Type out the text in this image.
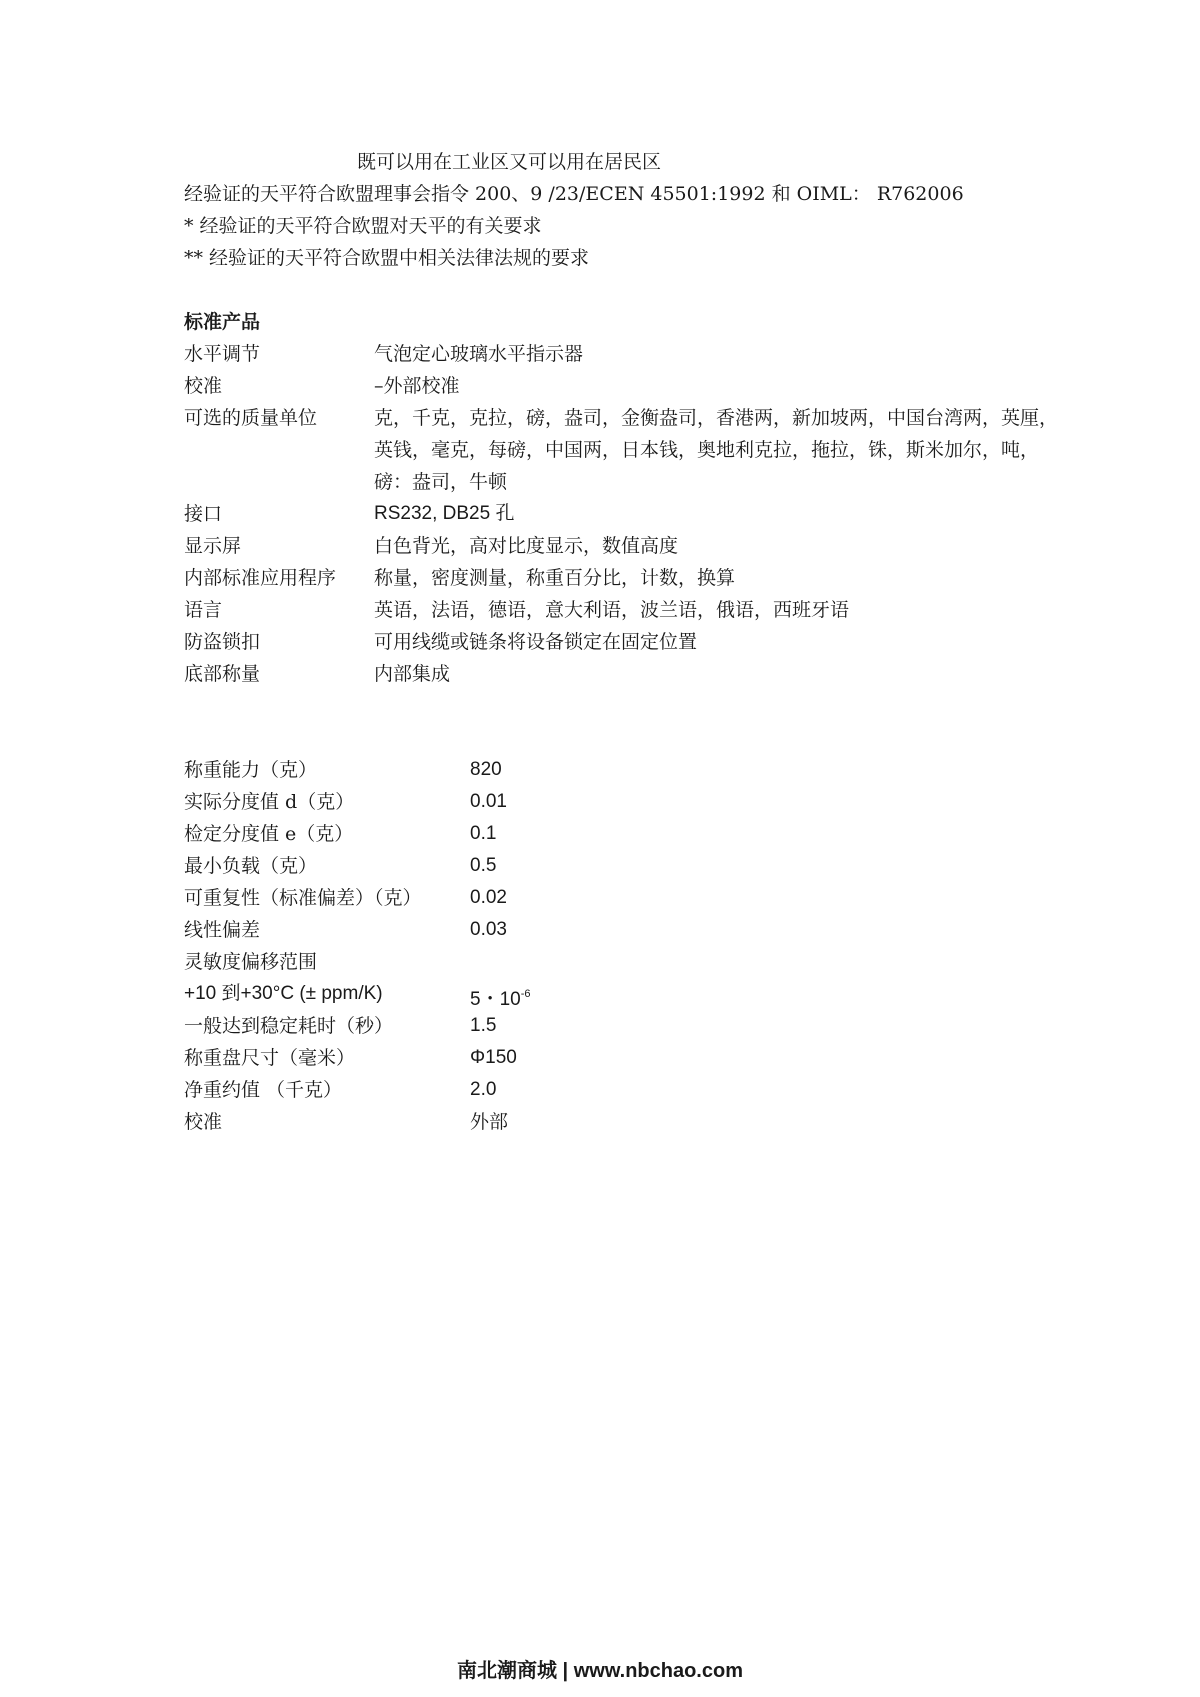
既可以用在工业区又可以用在居民区
经验证的天平符合欧盟理事会指令 200、9 /23/ECEN 45501:1992 和 OIML： R762006
* 经验证的天平符合欧盟对天平的有关要求
** 经验证的天平符合欧盟中相关法律法规的要求
标准产品
水平调节	气泡定心玻璃水平指示器
校准	–外部校准
可选的质量单位	克，千克，克拉，磅，盎司，金衡盎司，香港两，新加坡两，中国台湾两，英厘，英钱，毫克，每磅，中国两，日本钱，奥地利克拉，拖拉，铢，斯米加尔，吨，磅：盎司，牛顿
接口	RS232, DB25 孔
显示屏	白色背光，高对比度显示，数值高度
内部标准应用程序	称量，密度测量，称重百分比，计数，换算
语言	英语，法语，德语，意大利语，波兰语，俄语，西班牙语
防盗锁扣	可用线缆或链条将设备锁定在固定位置
底部称量	内部集成
称重能力（克）	820
实际分度值 d（克）	0.01
检定分度值 e（克）	0.1
最小负载（克）	0.5
可重复性（标准偏差）（克）	0.02
线性偏差	0.03
灵敏度偏移范围
+10 到+30°C (± ppm/K)	5・$10^{-6}$
一般达到稳定耗时（秒）	1.5
称重盘尺寸（毫米）	Φ150
净重约值 （千克）	2.0
校准	外部
南北潮商城 | www.nbchao.com
